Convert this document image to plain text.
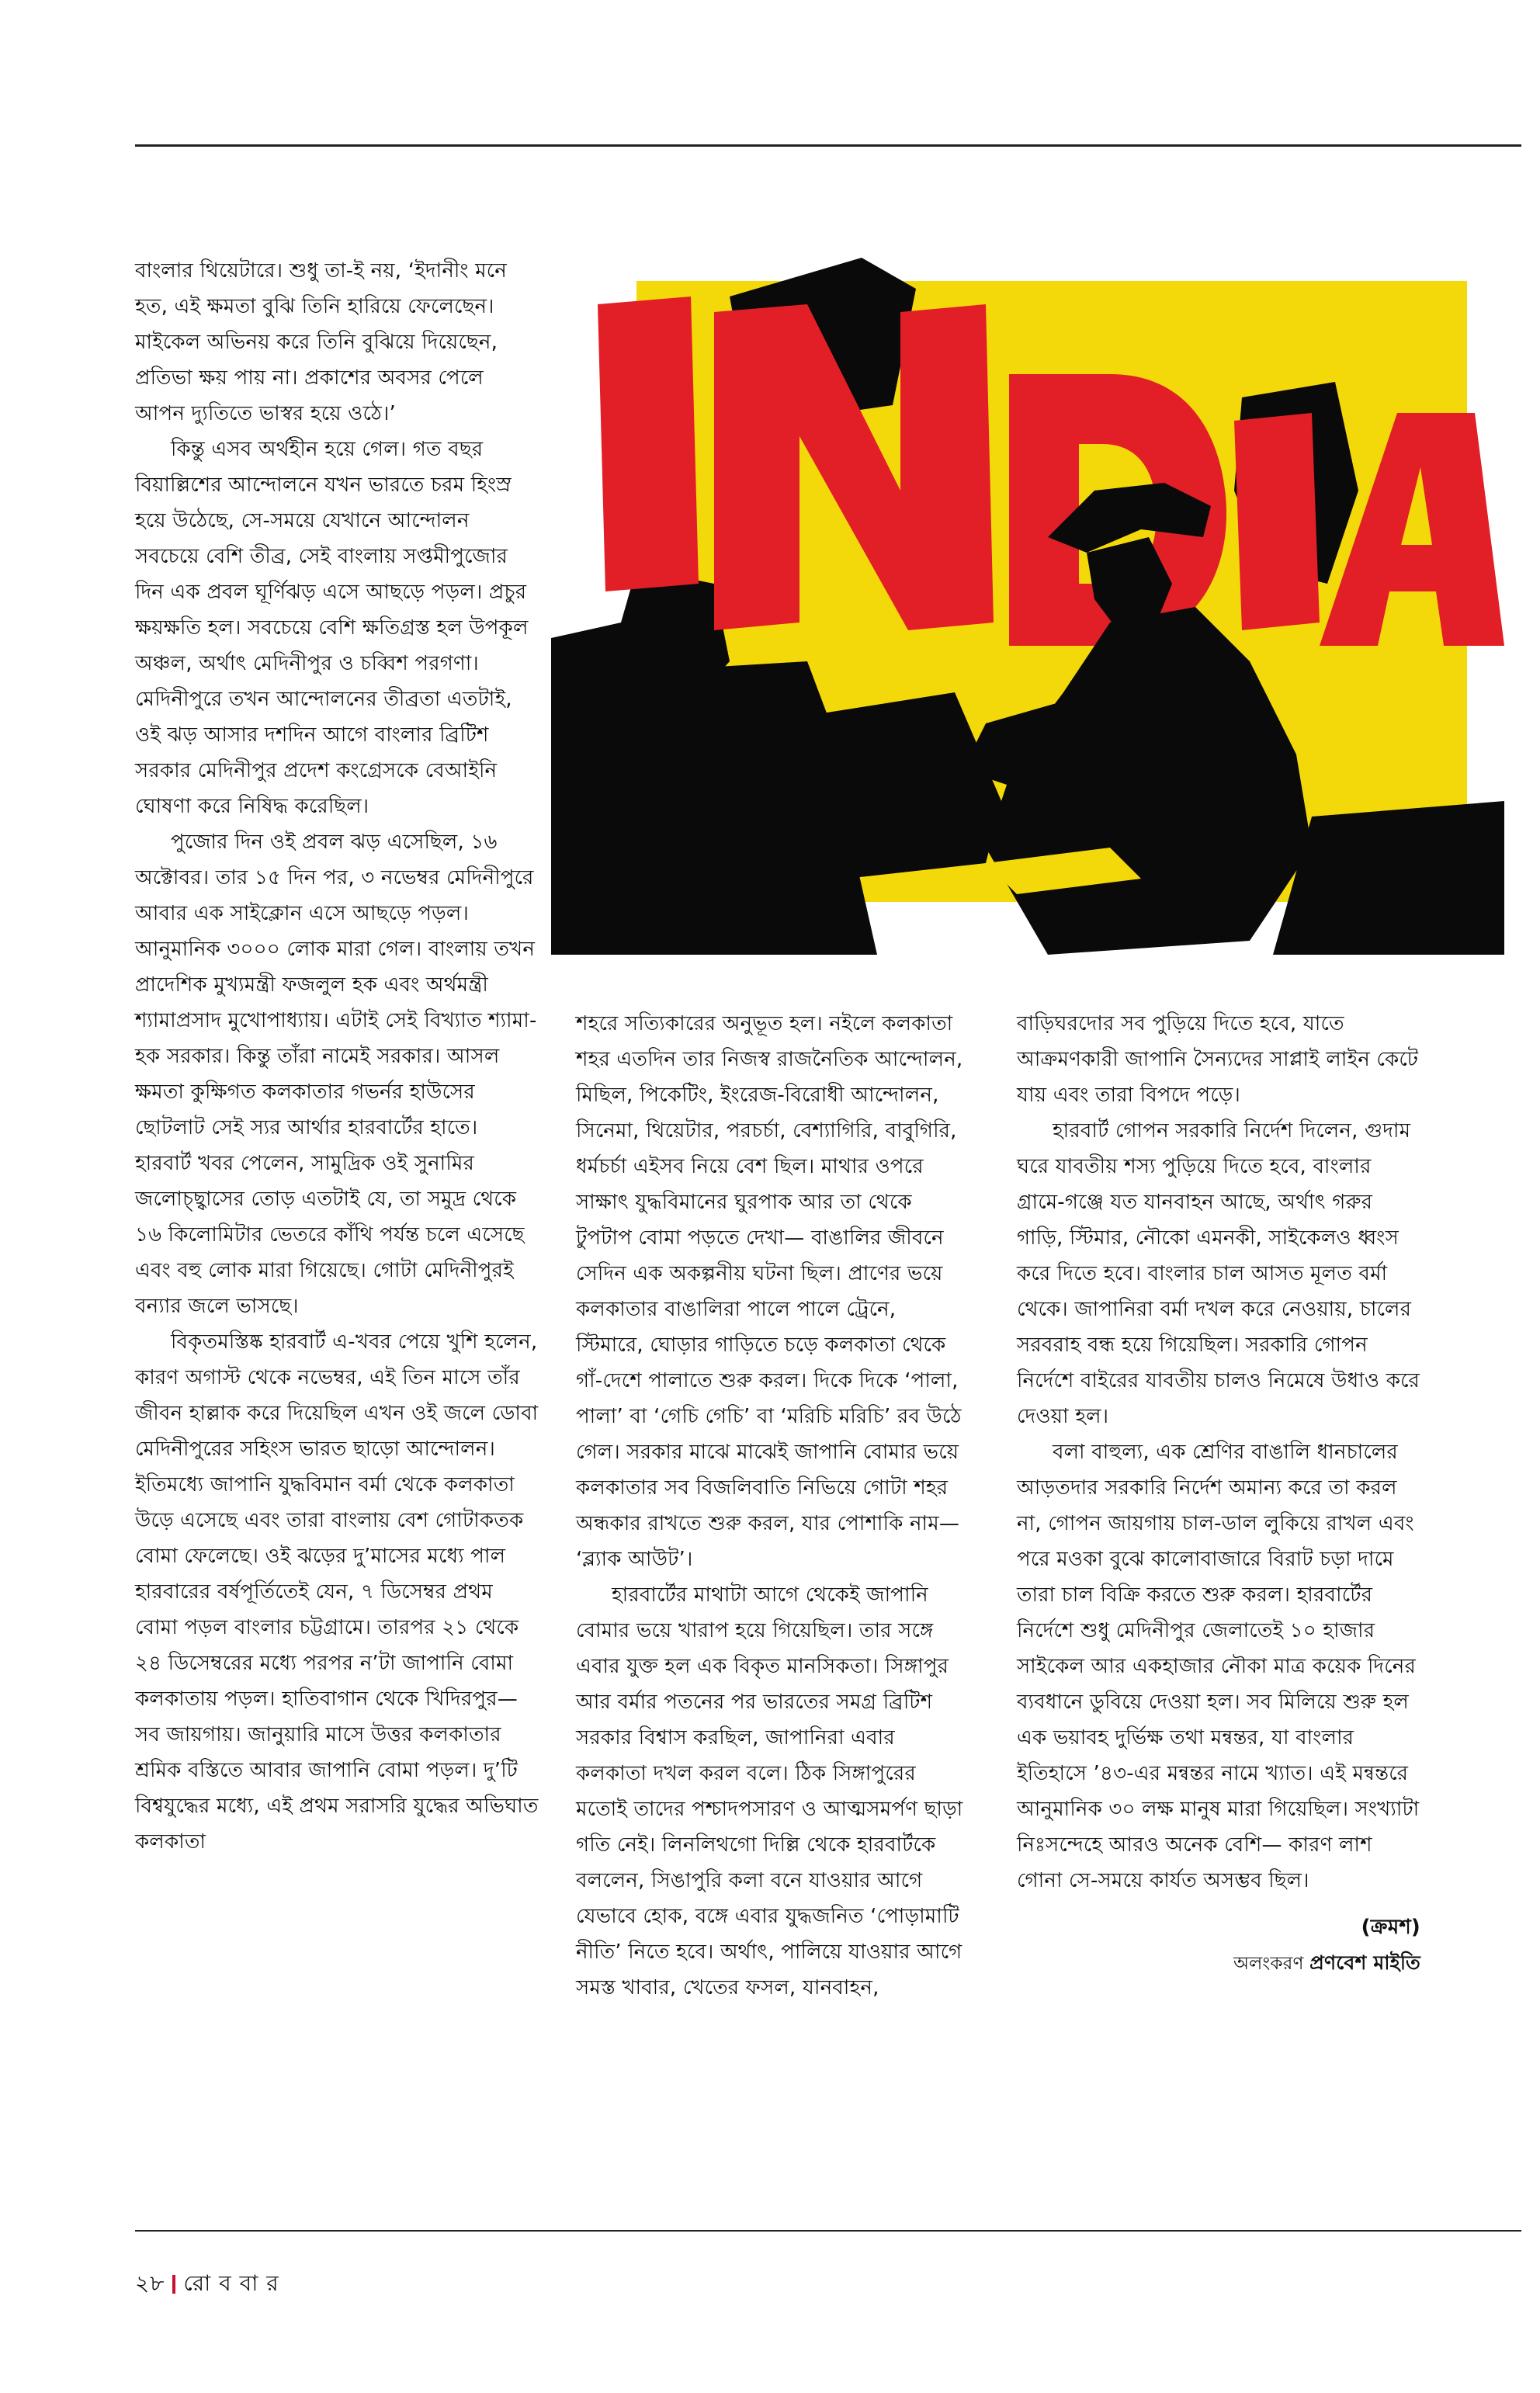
বাংলার থিয়েটারে। শুধু তা-ই নয়, ‘ইদানীং মনে হত, এই ক্ষমতা বুঝি তিনি হারিয়ে ফেলেছেন। মাইকেল অভিনয় করে তিনি বুঝিয়ে দিয়েছেন, প্রতিভা ক্ষয় পায় না। প্রকাশের অবসর পেলে আপন দ্যুতিতে ভাস্বর হয়ে ওঠে।’

কিন্তু এসব অর্থহীন হয়ে গেল। গত বছর বিয়াল্লিশের আন্দোলনে যখন ভারতে চরম হিংস্র হয়ে উঠেছে, সে-সময়ে যেখানে আন্দোলন সবচেয়ে বেশি তীব্র, সেই বাংলায় সপ্তমীপুজোর দিন এক প্রবল ঘূর্ণিঝড় এসে আছড়ে পড়ল। প্রচুর ক্ষয়ক্ষতি হল। সবচেয়ে বেশি ক্ষতিগ্রস্ত হল উপকূল অঞ্চল, অর্থাৎ মেদিনীপুর ও চব্বিশ পরগণা। মেদিনীপুরে তখন আন্দোলনের তীব্রতা এতটাই, ওই ঝড় আসার দশদিন আগে বাংলার ব্রিটিশ সরকার মেদিনীপুর প্রদেশ কংগ্রেসকে বেআইনি ঘোষণা করে নিষিদ্ধ করেছিল।

পুজোর দিন ওই প্রবল ঝড় এসেছিল, ১৬ অক্টোবর। তার ১৫ দিন পর, ৩ নভেম্বর মেদিনীপুরে আবার এক সাইক্লোন এসে আছড়ে পড়ল। আনুমানিক ৩০০০ লোক মারা গেল। বাংলায় তখন প্রাদেশিক মুখ্যমন্ত্রী ফজলুল হক এবং অর্থমন্ত্রী শ্যামাপ্রসাদ মুখোপাধ্যায়। এটাই সেই বিখ্যাত শ্যামা-হক সরকার। কিন্তু তাঁরা নামেই সরকার। আসল ক্ষমতা কুক্ষিগত কলকাতার গভর্নর হাউসের ছোটলাট সেই স্যর আর্থার হারবার্টের হাতে। হারবার্ট খবর পেলেন, সামুদ্রিক ওই সুনামির জলোচ্ছ্বাসের তোড় এতটাই যে, তা সমুদ্র থেকে ১৬ কিলোমিটার ভেতরে কাঁথি পর্যন্ত চলে এসেছে এবং বহু লোক মারা গিয়েছে। গোটা মেদিনীপুরই বন্যার জলে ভাসছে।

বিকৃতমস্তিষ্ক হারবার্ট এ-খবর পেয়ে খুশি হলেন, কারণ অগাস্ট থেকে নভেম্বর, এই তিন মাসে তাঁর জীবন হাল্লাক করে দিয়েছিল এখন ওই জলে ডোবা মেদিনীপুরের সহিংস ভারত ছাড়ো আন্দোলন। ইতিমধ্যে জাপানি যুদ্ধবিমান বর্মা থেকে কলকাতা উড়ে এসেছে এবং তারা বাংলায় বেশ গোটাকতক বোমা ফেলেছে। ওই ঝড়ের দু’মাসের মধ্যে পাল হারবারের বর্ষপূর্তিতেই যেন, ৭ ডিসেম্বর প্রথম বোমা পড়ল বাংলার চট্টগ্রামে। তারপর ২১ থেকে ২৪ ডিসেম্বরের মধ্যে পরপর ন’টা জাপানি বোমা কলকাতায় পড়ল। হাতিবাগান থেকে খিদিরপুর— সব জায়গায়। জানুয়ারি মাসে উত্তর কলকাতার শ্রমিক বস্তিতে আবার জাপানি বোমা পড়ল। দু’টি বিশ্বযুদ্ধের মধ্যে, এই প্রথম সরাসরি যুদ্ধের অভিঘাত কলকাতা

শহরে সত্যিকারের অনুভূত হল। নইলে কলকাতা শহর এতদিন তার নিজস্ব রাজনৈতিক আন্দোলন, মিছিল, পিকেটিং, ইংরেজ-বিরোধী আন্দোলন, সিনেমা, থিয়েটার, পরচর্চা, বেশ্যাগিরি, বাবুগিরি, ধর্মচর্চা এইসব নিয়ে বেশ ছিল। মাথার ওপরে সাক্ষাৎ যুদ্ধবিমানের ঘুরপাক আর তা থেকে টুপটাপ বোমা পড়তে দেখা— বাঙালির জীবনে সেদিন এক অকল্পনীয় ঘটনা ছিল। প্রাণের ভয়ে কলকাতার বাঙালিরা পালে পালে ট্রেনে, স্টিমারে, ঘোড়ার গাড়িতে চড়ে কলকাতা থেকে গাঁ-দেশে পালাতে শুরু করল। দিকে দিকে ‘পালা, পালা’ বা ‘গেচি গেচি’ বা ‘মরিচি মরিচি’ রব উঠে গেল। সরকার মাঝে মাঝেই জাপানি বোমার ভয়ে কলকাতার সব বিজলিবাতি নিভিয়ে গোটা শহর অন্ধকার রাখতে শুরু করল, যার পোশাকি নাম— ‘ব্ল্যাক আউট’।

হারবার্টের মাথাটা আগে থেকেই জাপানি বোমার ভয়ে খারাপ হয়ে গিয়েছিল। তার সঙ্গে এবার যুক্ত হল এক বিকৃত মানসিকতা। সিঙ্গাপুর আর বর্মার পতনের পর ভারতের সমগ্র ব্রিটিশ সরকার বিশ্বাস করছিল, জাপানিরা এবার কলকাতা দখল করল বলে। ঠিক সিঙ্গাপুরের মতোই তাদের পশ্চাদপসারণ ও আত্মসমর্পণ ছাড়া গতি নেই। লিনলিথগো দিল্লি থেকে হারবার্টকে বললেন, সিঙাপুরি কলা বনে যাওয়ার আগে যেভাবে হোক, বঙ্গে এবার যুদ্ধজনিত ‘পোড়ামাটি নীতি’ নিতে হবে। অর্থাৎ, পালিয়ে যাওয়ার আগে সমস্ত খাবার, খেতের ফসল, যানবাহন,

বাড়িঘরদোর সব পুড়িয়ে দিতে হবে, যাতে আক্রমণকারী জাপানি সৈন্যদের সাপ্লাই লাইন কেটে যায় এবং তারা বিপদে পড়ে।

হারবার্ট গোপন সরকারি নির্দেশ দিলেন, গুদাম ঘরে যাবতীয় শস্য পুড়িয়ে দিতে হবে, বাংলার গ্রামে-গঞ্জে যত যানবাহন আছে, অর্থাৎ গরুর গাড়ি, স্টিমার, নৌকো এমনকী, সাইকেলও ধ্বংস করে দিতে হবে। বাংলার চাল আসত মূলত বর্মা থেকে। জাপানিরা বর্মা দখল করে নেওয়ায়, চালের সরবরাহ বন্ধ হয়ে গিয়েছিল। সরকারি গোপন নির্দেশে বাইরের যাবতীয় চালও নিমেষে উধাও করে দেওয়া হল।

বলা বাহুল্য, এক শ্রেণির বাঙালি ধানচালের আড়তদার সরকারি নির্দেশ অমান্য করে তা করল না, গোপন জায়গায় চাল-ডাল লুকিয়ে রাখল এবং পরে মওকা বুঝে কালোবাজারে বিরাট চড়া দামে তারা চাল বিক্রি করতে শুরু করল। হারবার্টের নির্দেশে শুধু মেদিনীপুর জেলাতেই ১০ হাজার সাইকেল আর একহাজার নৌকা মাত্র কয়েক দিনের ব্যবধানে ডুবিয়ে দেওয়া হল। সব মিলিয়ে শুরু হল এক ভয়াবহ দুর্ভিক্ষ তথা মন্বন্তর, যা বাংলার ইতিহাসে ’৪৩-এর মন্বন্তর নামে খ্যাত। এই মন্বন্তরে আনুমানিক ৩০ লক্ষ মানুষ মারা গিয়েছিল। সংখ্যাটা নিঃসন্দেহে আরও অনেক বেশি— কারণ লাশ গোনা সে-সময়ে কার্যত অসম্ভব ছিল।

(ক্রমশ)

অলংকরণ প্রণবেশ মাইতি

২৮ রো ব বা র
